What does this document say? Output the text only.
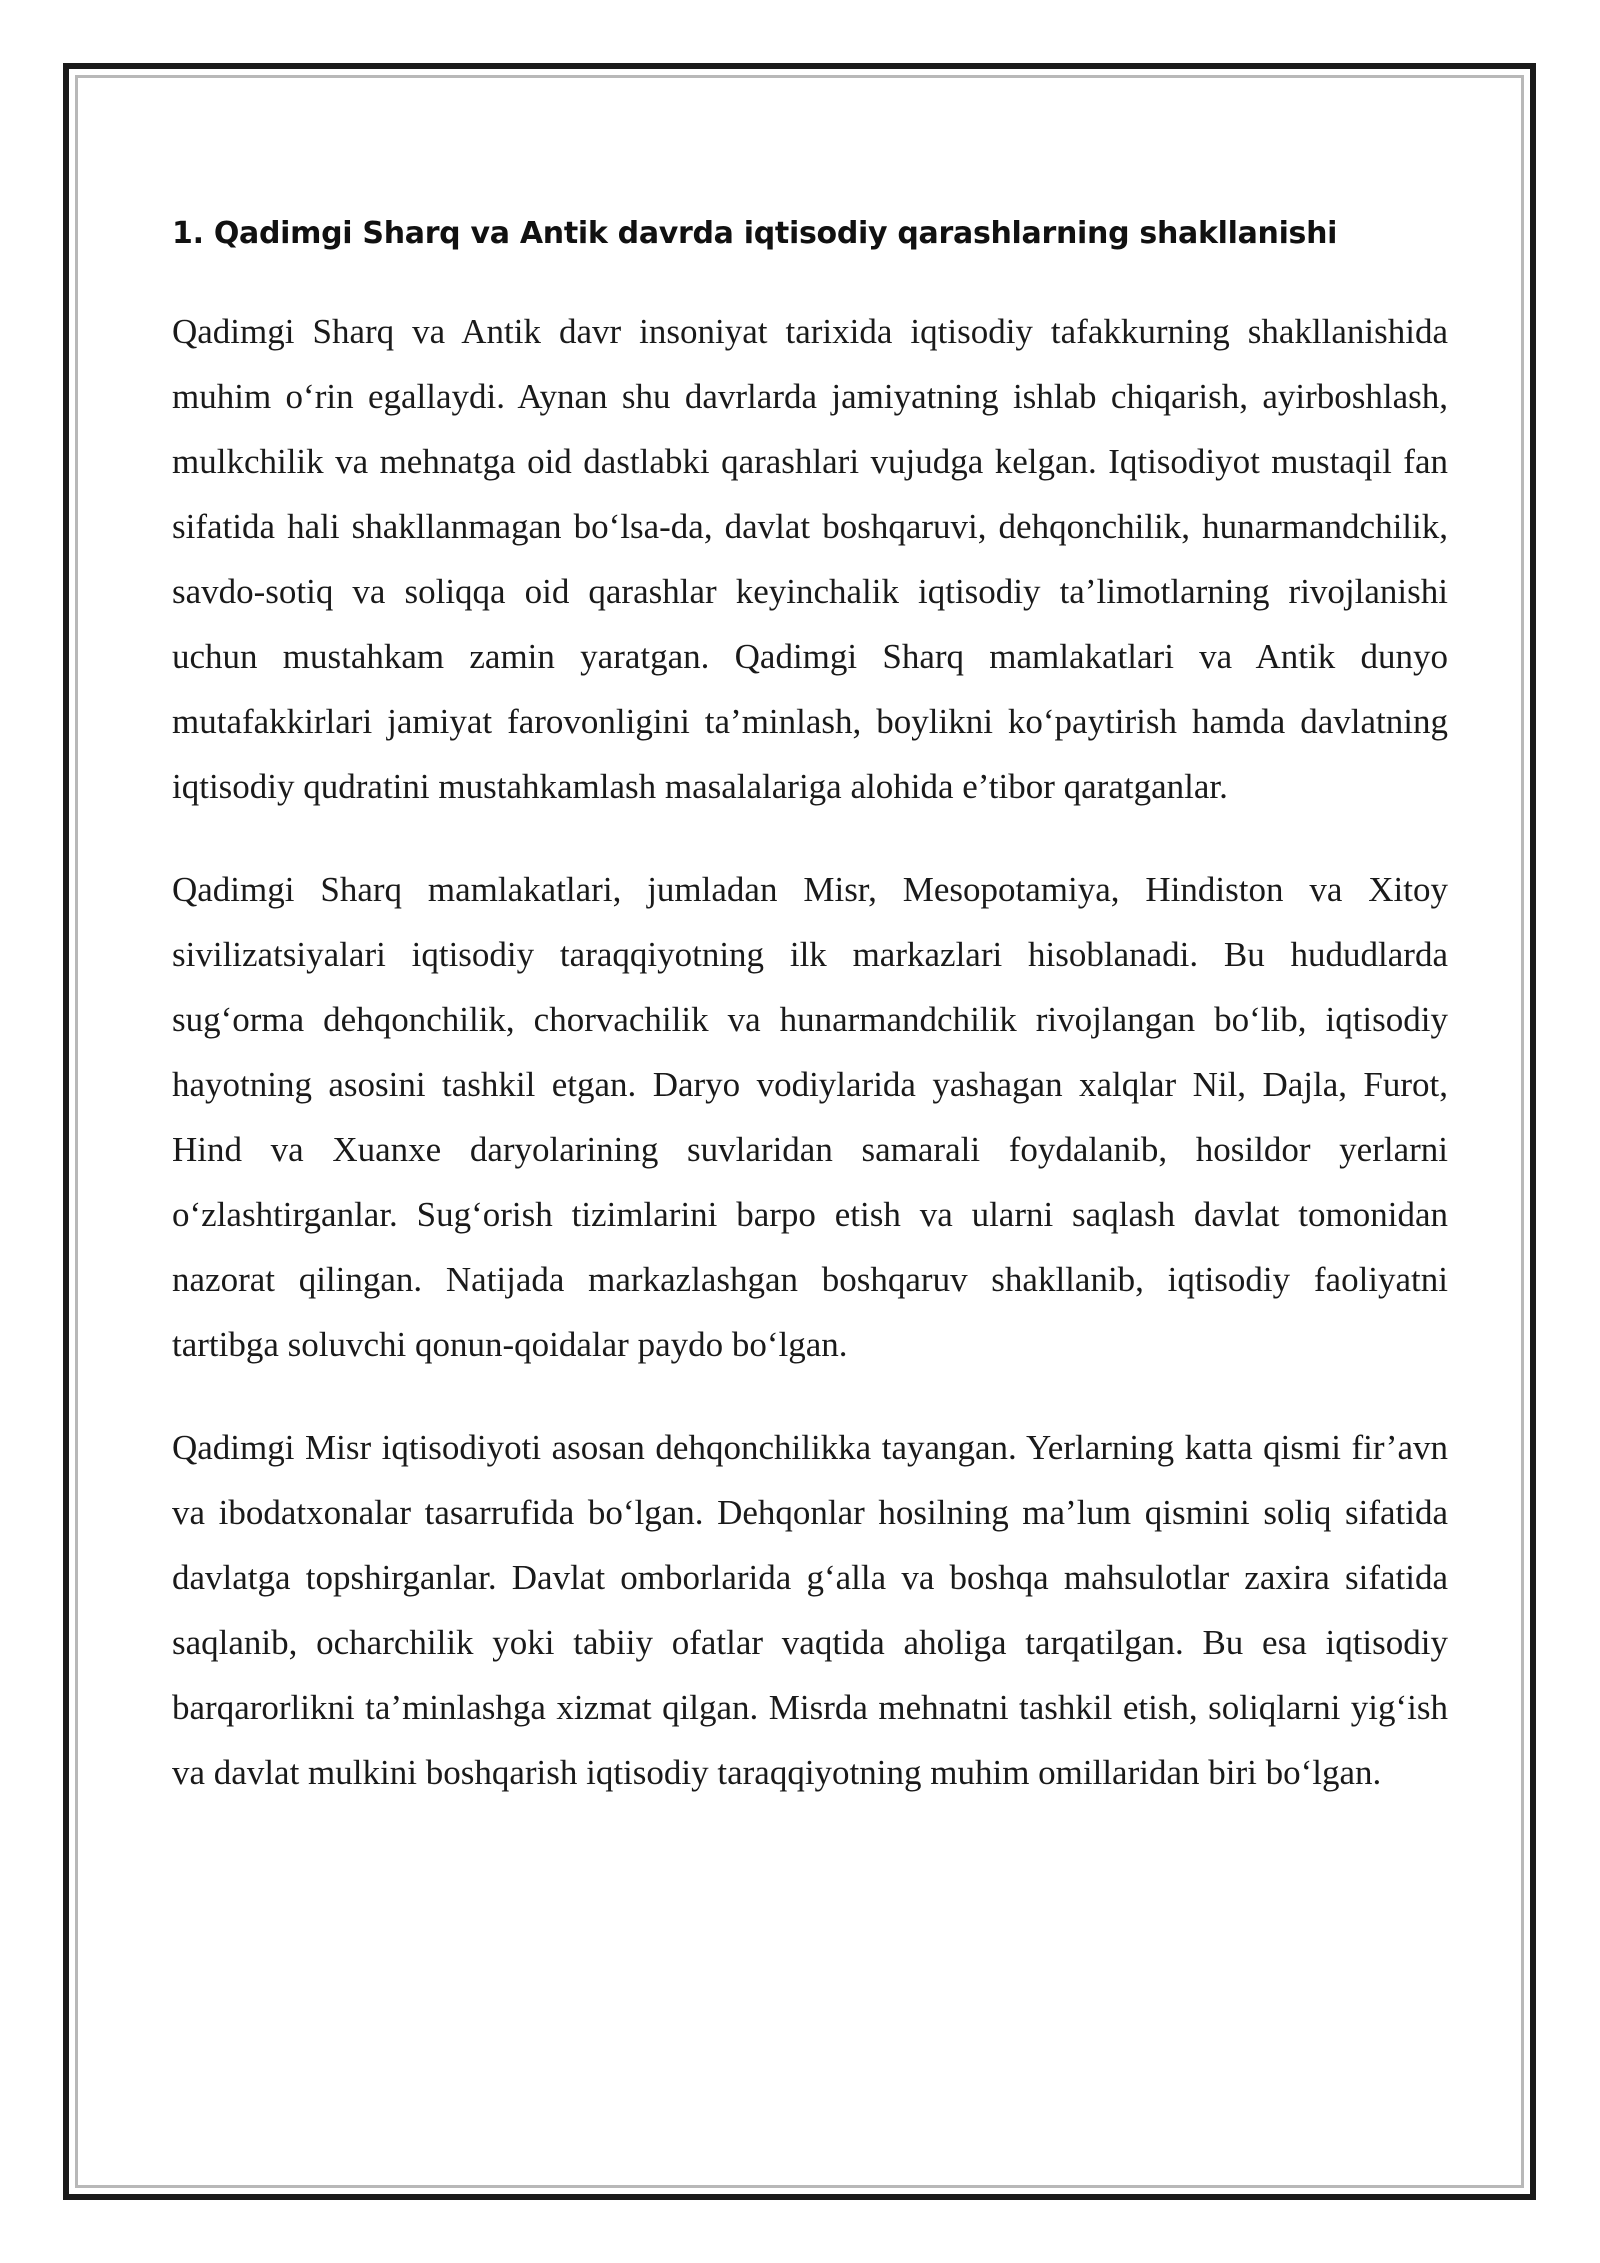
1. Qadimgi Sharq va Antik davrda iqtisodiy qarashlarning shakllanishi

Qadimgi Sharq va Antik davr insoniyat tarixida iqtisodiy tafakkurning shakllanishida muhim o‘rin egallaydi. Aynan shu davrlarda jamiyatning ishlab chiqarish, ayirboshlash, mulkchilik va mehnatga oid dastlabki qarashlari vujudga kelgan. Iqtisodiyot mustaqil fan sifatida hali shakllanmagan bo‘lsa-da, davlat boshqaruvi, dehqonchilik, hunarmandchilik, savdo-sotiq va soliqqa oid qarashlar keyinchalik iqtisodiy ta’limotlarning rivojlanishi uchun mustahkam zamin yaratgan. Qadimgi Sharq mamlakatlari va Antik dunyo mutafakkirlari jamiyat farovonligini ta’minlash, boylikni ko‘paytirish hamda davlatning iqtisodiy qudratini mustahkamlash masalalariga alohida e’tibor qaratganlar.

Qadimgi Sharq mamlakatlari, jumladan Misr, Mesopotamiya, Hindiston va Xitoy sivilizatsiyalari iqtisodiy taraqqiyotning ilk markazlari hisoblanadi. Bu hududlarda sug‘orma dehqonchilik, chorvachilik va hunarmandchilik rivojlangan bo‘lib, iqtisodiy hayotning asosini tashkil etgan. Daryo vodiylarida yashagan xalqlar Nil, Dajla, Furot, Hind va Xuanxe daryolarining suvlaridan samarali foydalanib, hosildor yerlarni o‘zlashtirganlar. Sug‘orish tizimlarini barpo etish va ularni saqlash davlat tomonidan nazorat qilingan. Natijada markazlashgan boshqaruv shakllanib, iqtisodiy faoliyatni tartibga soluvchi qonun-qoidalar paydo bo‘lgan.

Qadimgi Misr iqtisodiyoti asosan dehqonchilikka tayangan. Yerlarning katta qismi fir’avn va ibodatxonalar tasarrufida bo‘lgan. Dehqonlar hosilning ma’lum qismini soliq sifatida davlatga topshirganlar. Davlat omborlarida g‘alla va boshqa mahsulotlar zaxira sifatida saqlanib, ocharchilik yoki tabiiy ofatlar vaqtida aholiga tarqatilgan. Bu esa iqtisodiy barqarorlikni ta’minlashga xizmat qilgan. Misrda mehnatni tashkil etish, soliqlarni yig‘ish va davlat mulkini boshqarish iqtisodiy taraqqiyotning muhim omillaridan biri bo‘lgan.
